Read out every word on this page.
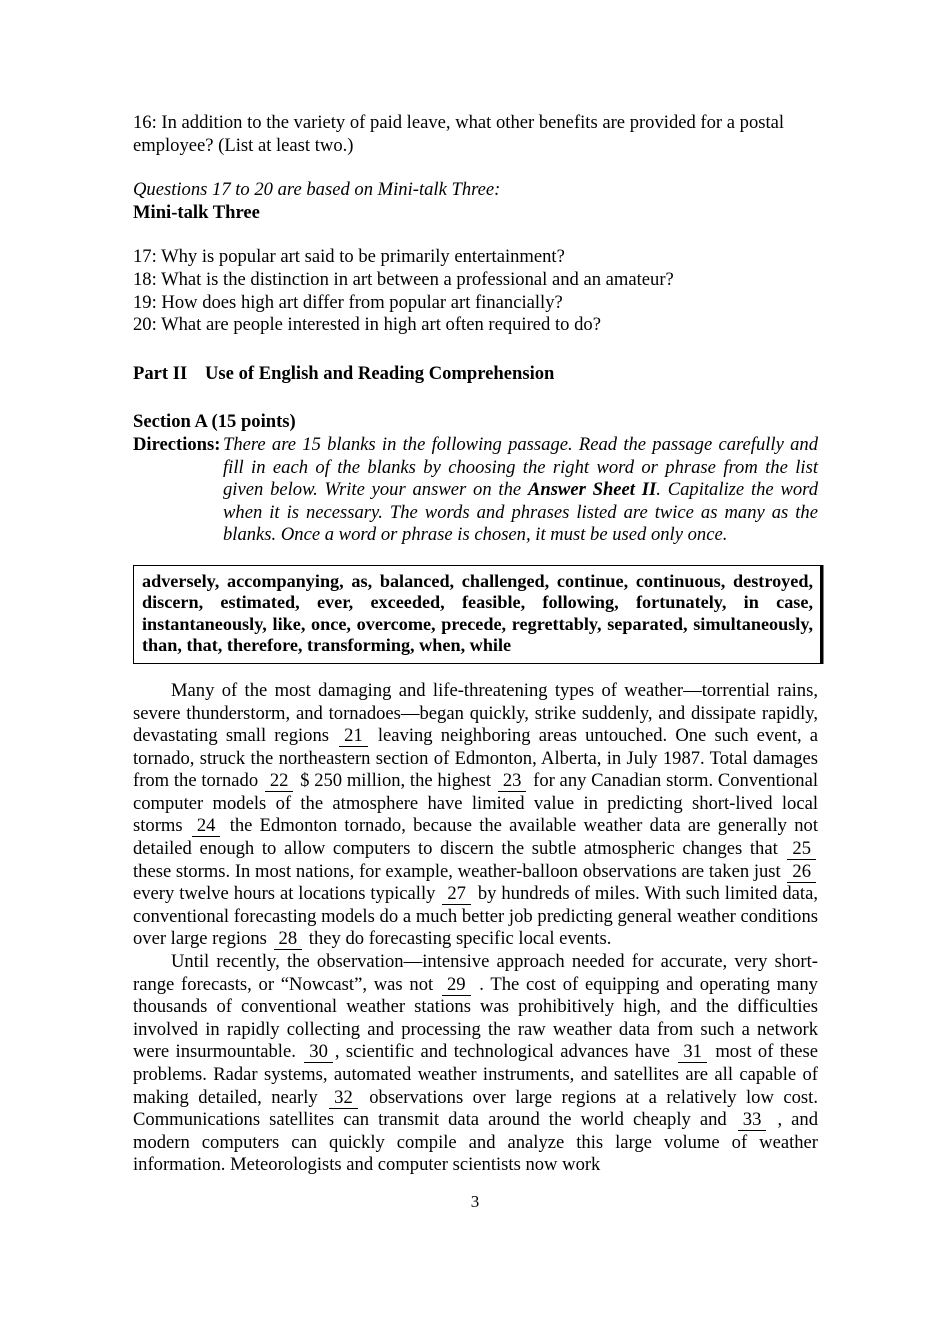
16: In addition to the variety of paid leave, what other benefits are provided for a postal employee? (List at least two.)
Questions 17 to 20 are based on Mini-talk Three:
Mini-talk Three
17: Why is popular art said to be primarily entertainment?
18: What is the distinction in art between a professional and an amateur?
19: How does high art differ from popular art financially?
20: What are people interested in high art often required to do?
Part II Use of English and Reading Comprehension
Section A (15 points)
Directions: There are 15 blanks in the following passage. Read the passage carefully and fill in each of the blanks by choosing the right word or phrase from the list given below. Write your answer on the Answer Sheet II. Capitalize the word when it is necessary. The words and phrases listed are twice as many as the blanks. Once a word or phrase is chosen, it must be used only once.
adversely, accompanying, as, balanced, challenged, continue, continuous, destroyed, discern, estimated, ever, exceeded, feasible, following, fortunately, in case, instantaneously, like, once, overcome, precede, regrettably, separated, simultaneously, than, that, therefore, transforming, when, while
Many of the most damaging and life-threatening types of weather—torrential rains, severe thunderstorm, and tornadoes—began quickly, strike suddenly, and dissipate rapidly, devastating small regions 21 leaving neighboring areas untouched. One such event, a tornado, struck the northeastern section of Edmonton, Alberta, in July 1987. Total damages from the tornado 22 $ 250 million, the highest 23 for any Canadian storm. Conventional computer models of the atmosphere have limited value in predicting short-lived local storms 24 the Edmonton tornado, because the available weather data are generally not detailed enough to allow computers to discern the subtle atmospheric changes that 25 these storms. In most nations, for example, weather-balloon observations are taken just 26 every twelve hours at locations typically 27 by hundreds of miles. With such limited data, conventional forecasting models do a much better job predicting general weather conditions over large regions 28 they do forecasting specific local events.
Until recently, the observation—intensive approach needed for accurate, very short-range forecasts, or “Nowcast”, was not 29 . The cost of equipping and operating many thousands of conventional weather stations was prohibitively high, and the difficulties involved in rapidly collecting and processing the raw weather data from such a network were insurmountable. 30 , scientific and technological advances have 31 most of these problems. Radar systems, automated weather instruments, and satellites are all capable of making detailed, nearly 32 observations over large regions at a relatively low cost. Communications satellites can transmit data around the world cheaply and 33 , and modern computers can quickly compile and analyze this large volume of weather information. Meteorologists and computer scientists now work
3
